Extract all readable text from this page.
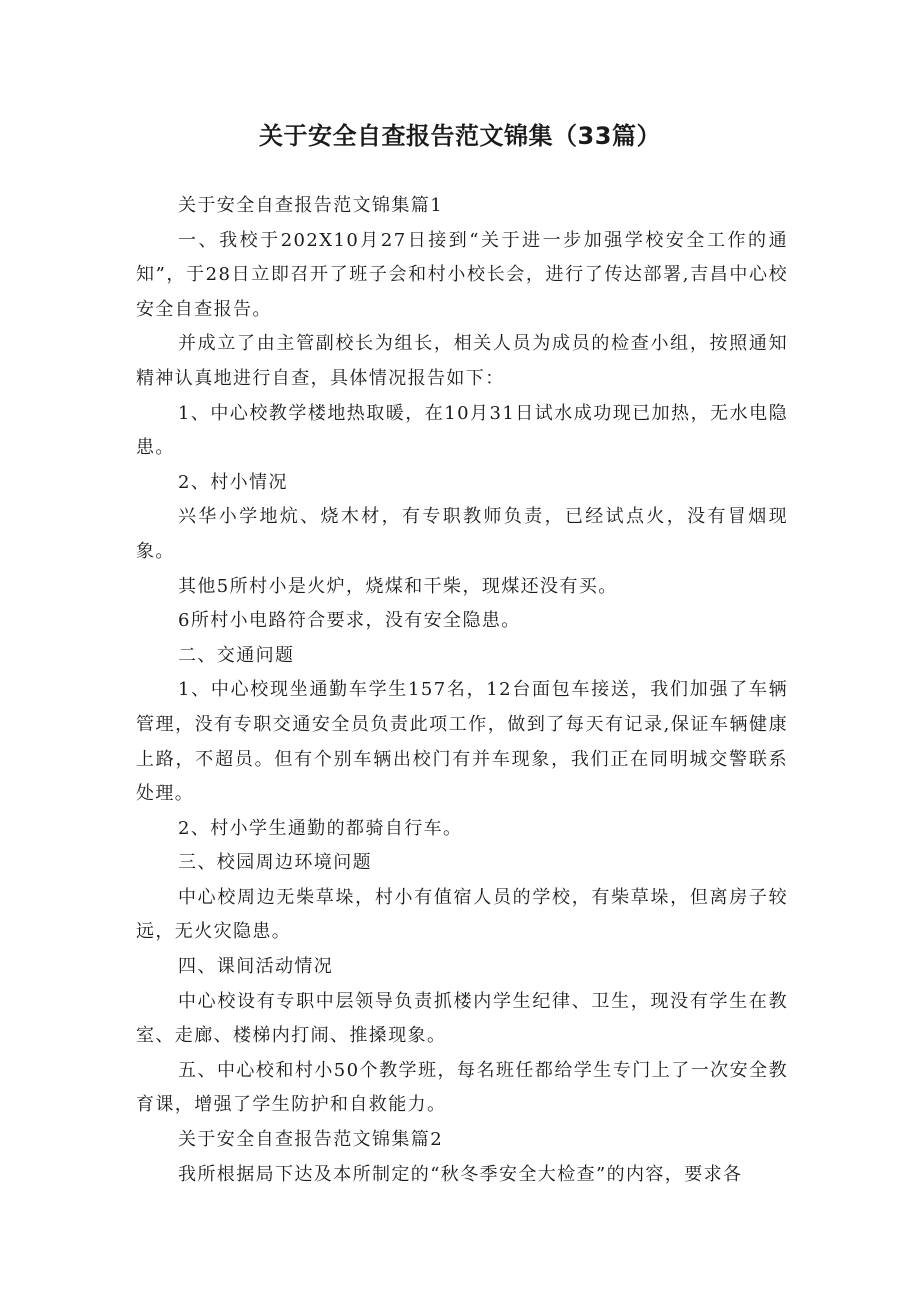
关于安全自查报告范文锦集（33篇）

关于安全自查报告范文锦集篇1

一、我校于202X10月27日接到“关于进一步加强学校安全工作的通知”，于28日立即召开了班子会和村小校长会，进行了传达部署,吉昌中心校安全自查报告。

并成立了由主管副校长为组长，相关人员为成员的检查小组，按照通知精神认真地进行自查，具体情况报告如下：

1、中心校教学楼地热取暖，在10月31日试水成功现已加热，无水电隐患。

2、村小情况

兴华小学地炕、烧木材，有专职教师负责，已经试点火，没有冒烟现象。

其他5所村小是火炉，烧煤和干柴，现煤还没有买。

6所村小电路符合要求，没有安全隐患。

二、交通问题

1、中心校现坐通勤车学生157名，12台面包车接送，我们加强了车辆管理，没有专职交通安全员负责此项工作，做到了每天有记录,保证车辆健康上路，不超员。但有个别车辆出校门有并车现象，我们正在同明城交警联系处理。

2、村小学生通勤的都骑自行车。

三、校园周边环境问题

中心校周边无柴草垛，村小有值宿人员的学校，有柴草垛，但离房子较远，无火灾隐患。

四、课间活动情况

中心校设有专职中层领导负责抓楼内学生纪律、卫生，现没有学生在教室、走廊、楼梯内打闹、推搡现象。

五、中心校和村小50个教学班，每名班任都给学生专门上了一次安全教育课，增强了学生防护和自救能力。

关于安全自查报告范文锦集篇2

我所根据局下达及本所制定的“秋冬季安全大检查”的内容，要求各
